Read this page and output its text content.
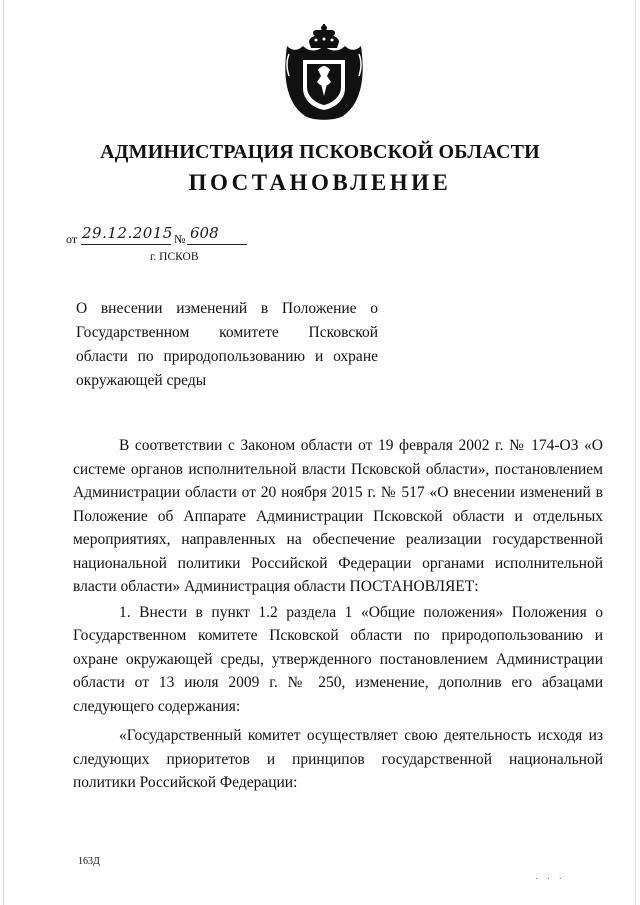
АДМИНИСТРАЦИЯ ПСКОВСКОЙ ОБЛАСТИ
ПОСТАНОВЛЕНИЕ
от 29.12.2015 № 608
г. ПСКОВ
О внесении изменений в Положение о Государственном комитете Псковской области по природопользованию и охране окружающей среды

В соответствии с Законом области от 19 февраля 2002 г. № 174-ОЗ «О системе органов исполнительной власти Псковской области», постановлением Администрации области от 20 ноября 2015 г. № 517 «О внесении изменений в Положение об Аппарате Администрации Псковской области и отдельных мероприятиях, направленных на обеспечение реализации государственной национальной политики Российской Федерации органами исполнительной власти области» Администрация области ПОСТАНОВЛЯЕТ:

1. Внести в пункт 1.2 раздела 1 «Общие положения» Положения о Государственном комитете Псковской области по природопользованию и охране окружающей среды, утвержденного постановлением Администрации области от 13 июля 2009 г. № 250, изменение, дополнив его абзацами следующего содержания:

«Государственный комитет осуществляет свою деятельность исходя из следующих приоритетов и принципов государственной национальной политики Российской Федерации:

163Д
· · ·
